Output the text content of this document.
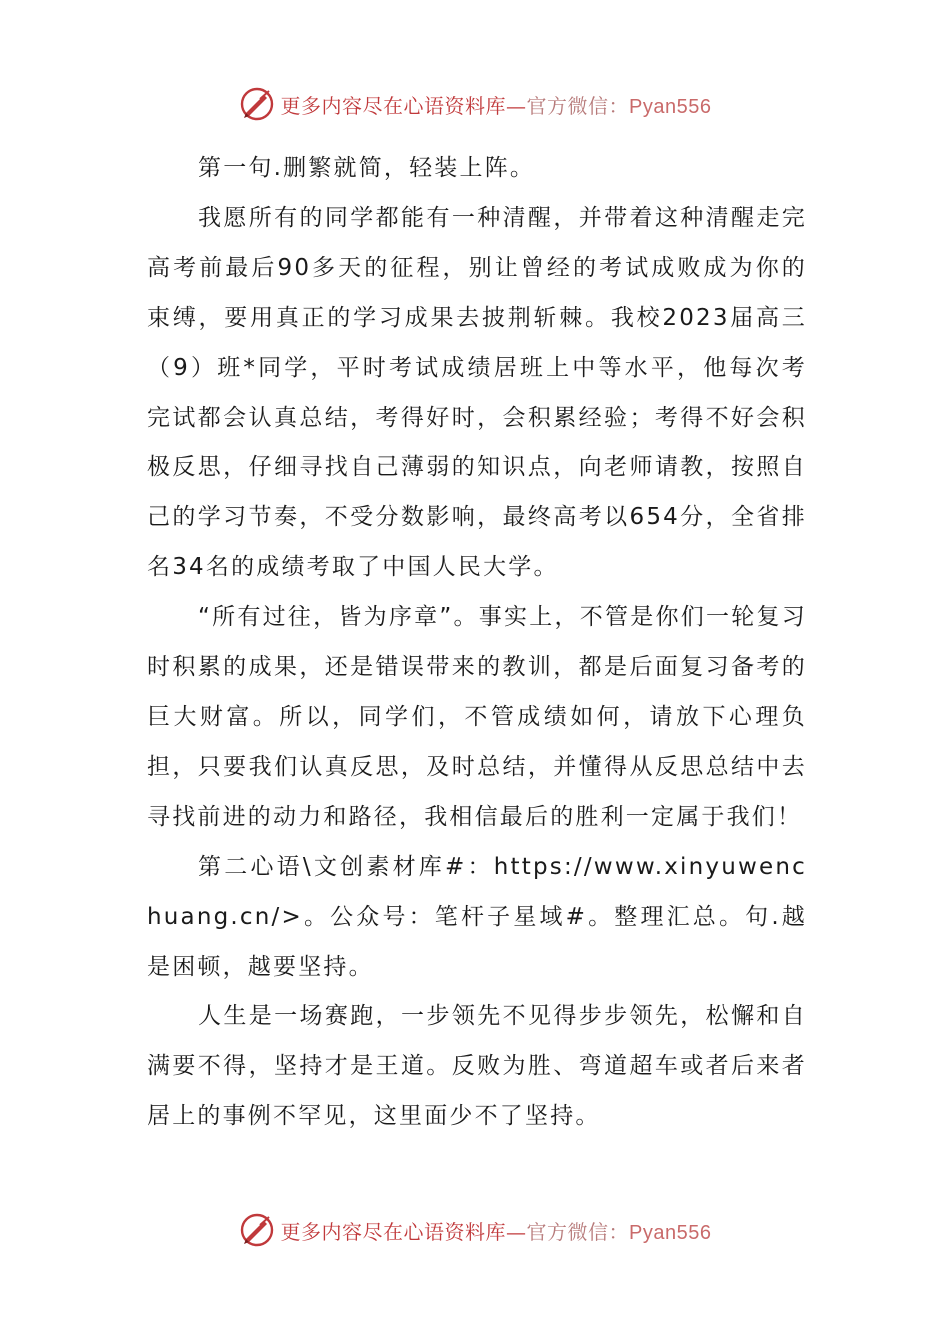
更多内容尽在心语资料库—官方微信：Pyan556

第一句.删繁就简，轻装上阵。

我愿所有的同学都能有一种清醒，并带着这种清醒走完高考前最后90多天的征程，别让曾经的考试成败成为你的束缚，要用真正的学习成果去披荆斩棘。我校2023届高三（9）班*同学，平时考试成绩居班上中等水平，他每次考完试都会认真总结，考得好时，会积累经验；考得不好会积极反思，仔细寻找自己薄弱的知识点，向老师请教，按照自己的学习节奏，不受分数影响，最终高考以654分，全省排名34名的成绩考取了中国人民大学。

“所有过往，皆为序章”。事实上，不管是你们一轮复习时积累的成果，还是错误带来的教训，都是后面复习备考的巨大财富。所以，同学们，不管成绩如何，请放下心理负担，只要我们认真反思，及时总结，并懂得从反思总结中去寻找前进的动力和路径，我相信最后的胜利一定属于我们！

第二心语\文创素材库#：https://www.xinyuwenchuang.cn/>。公众号：笔杆子星域#。整理汇总。句.越是困顿，越要坚持。

人生是一场赛跑，一步领先不见得步步领先，松懈和自满要不得，坚持才是王道。反败为胜、弯道超车或者后来者居上的事例不罕见，这里面少不了坚持。

更多内容尽在心语资料库—官方微信：Pyan556
